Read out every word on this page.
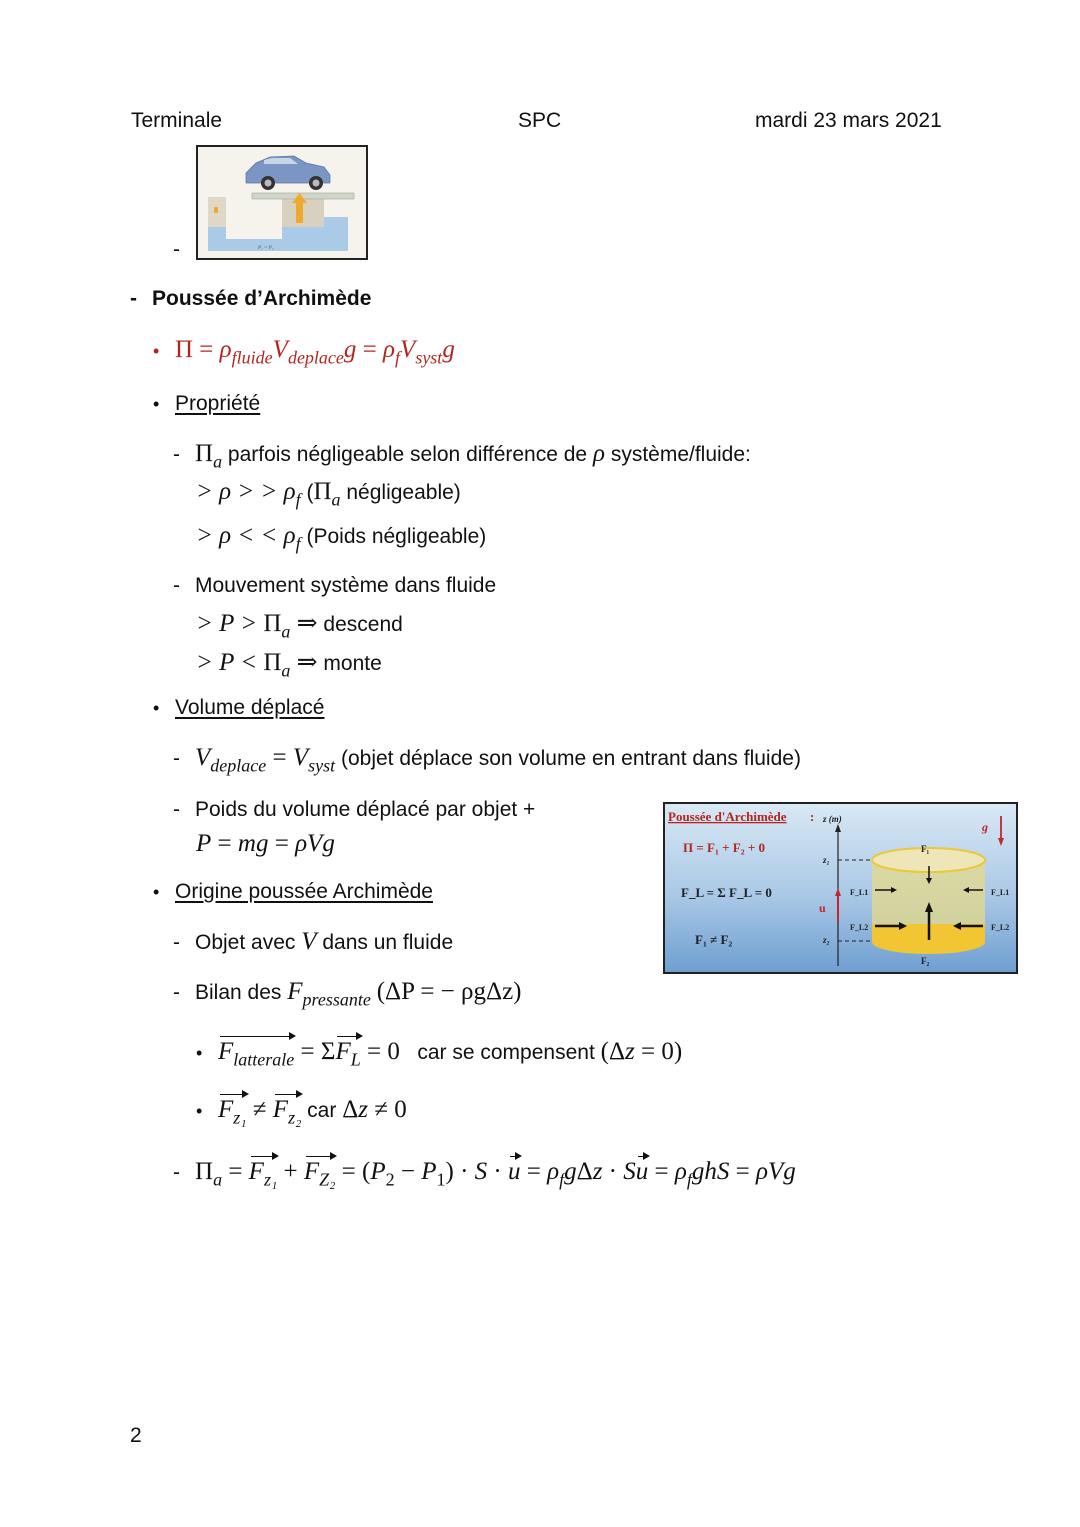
Terminale	SPC	mardi 23 mars 2021
-	P₁ = P₂
- Poussée d’Archimède
• $\Pi = \rho_{fluide}V_{deplace}g = \rho_fV_{syst}g$
• Propriété
- $\Pi_a$ parfois négligeable selon différence de ρ système/fluide:
> ρ > > $\rho_f$ ($\Pi_a$ négligeable)
> ρ < < $\rho_f$ (Poids négligeable)
- Mouvement système dans fluide
> $P > \Pi_a$ ⇒ descend
> $P < \Pi_a$ ⇒ monte
• Volume déplacé
- $V_{deplace} = V_{syst}$ (objet déplace son volume en entrant dans fluide)
- Poids du volume déplacé par objet +
P = mg = ρVg
• Origine poussée Archimède
- Objet avec V dans un fluide
- Bilan des $F_{pressante}$ (ΔP = − ρgΔz)
• $F_{latterale} = \Sigma F_L = 0$ car se compensent (Δz = 0)
• $F_{z_1} \ne F_{z_2}$ car Δz ≠ 0
- $\Pi_a = F_{z_1} + F_{Z_2} = (P_2 - P_1) \cdot S \cdot u = \rho_fg\Delta z \cdot Su = \rho_fghS = \rho Vg$
Poussée d'Archimède :
Π = F₁ + F₂ + 0
F_L = Σ F_L = 0
F₁ ≠ F₂
z (m)
z₁
z₂
u
F₁
F₂
F_L1
F_L2
F_L1
F_L2
g
2
